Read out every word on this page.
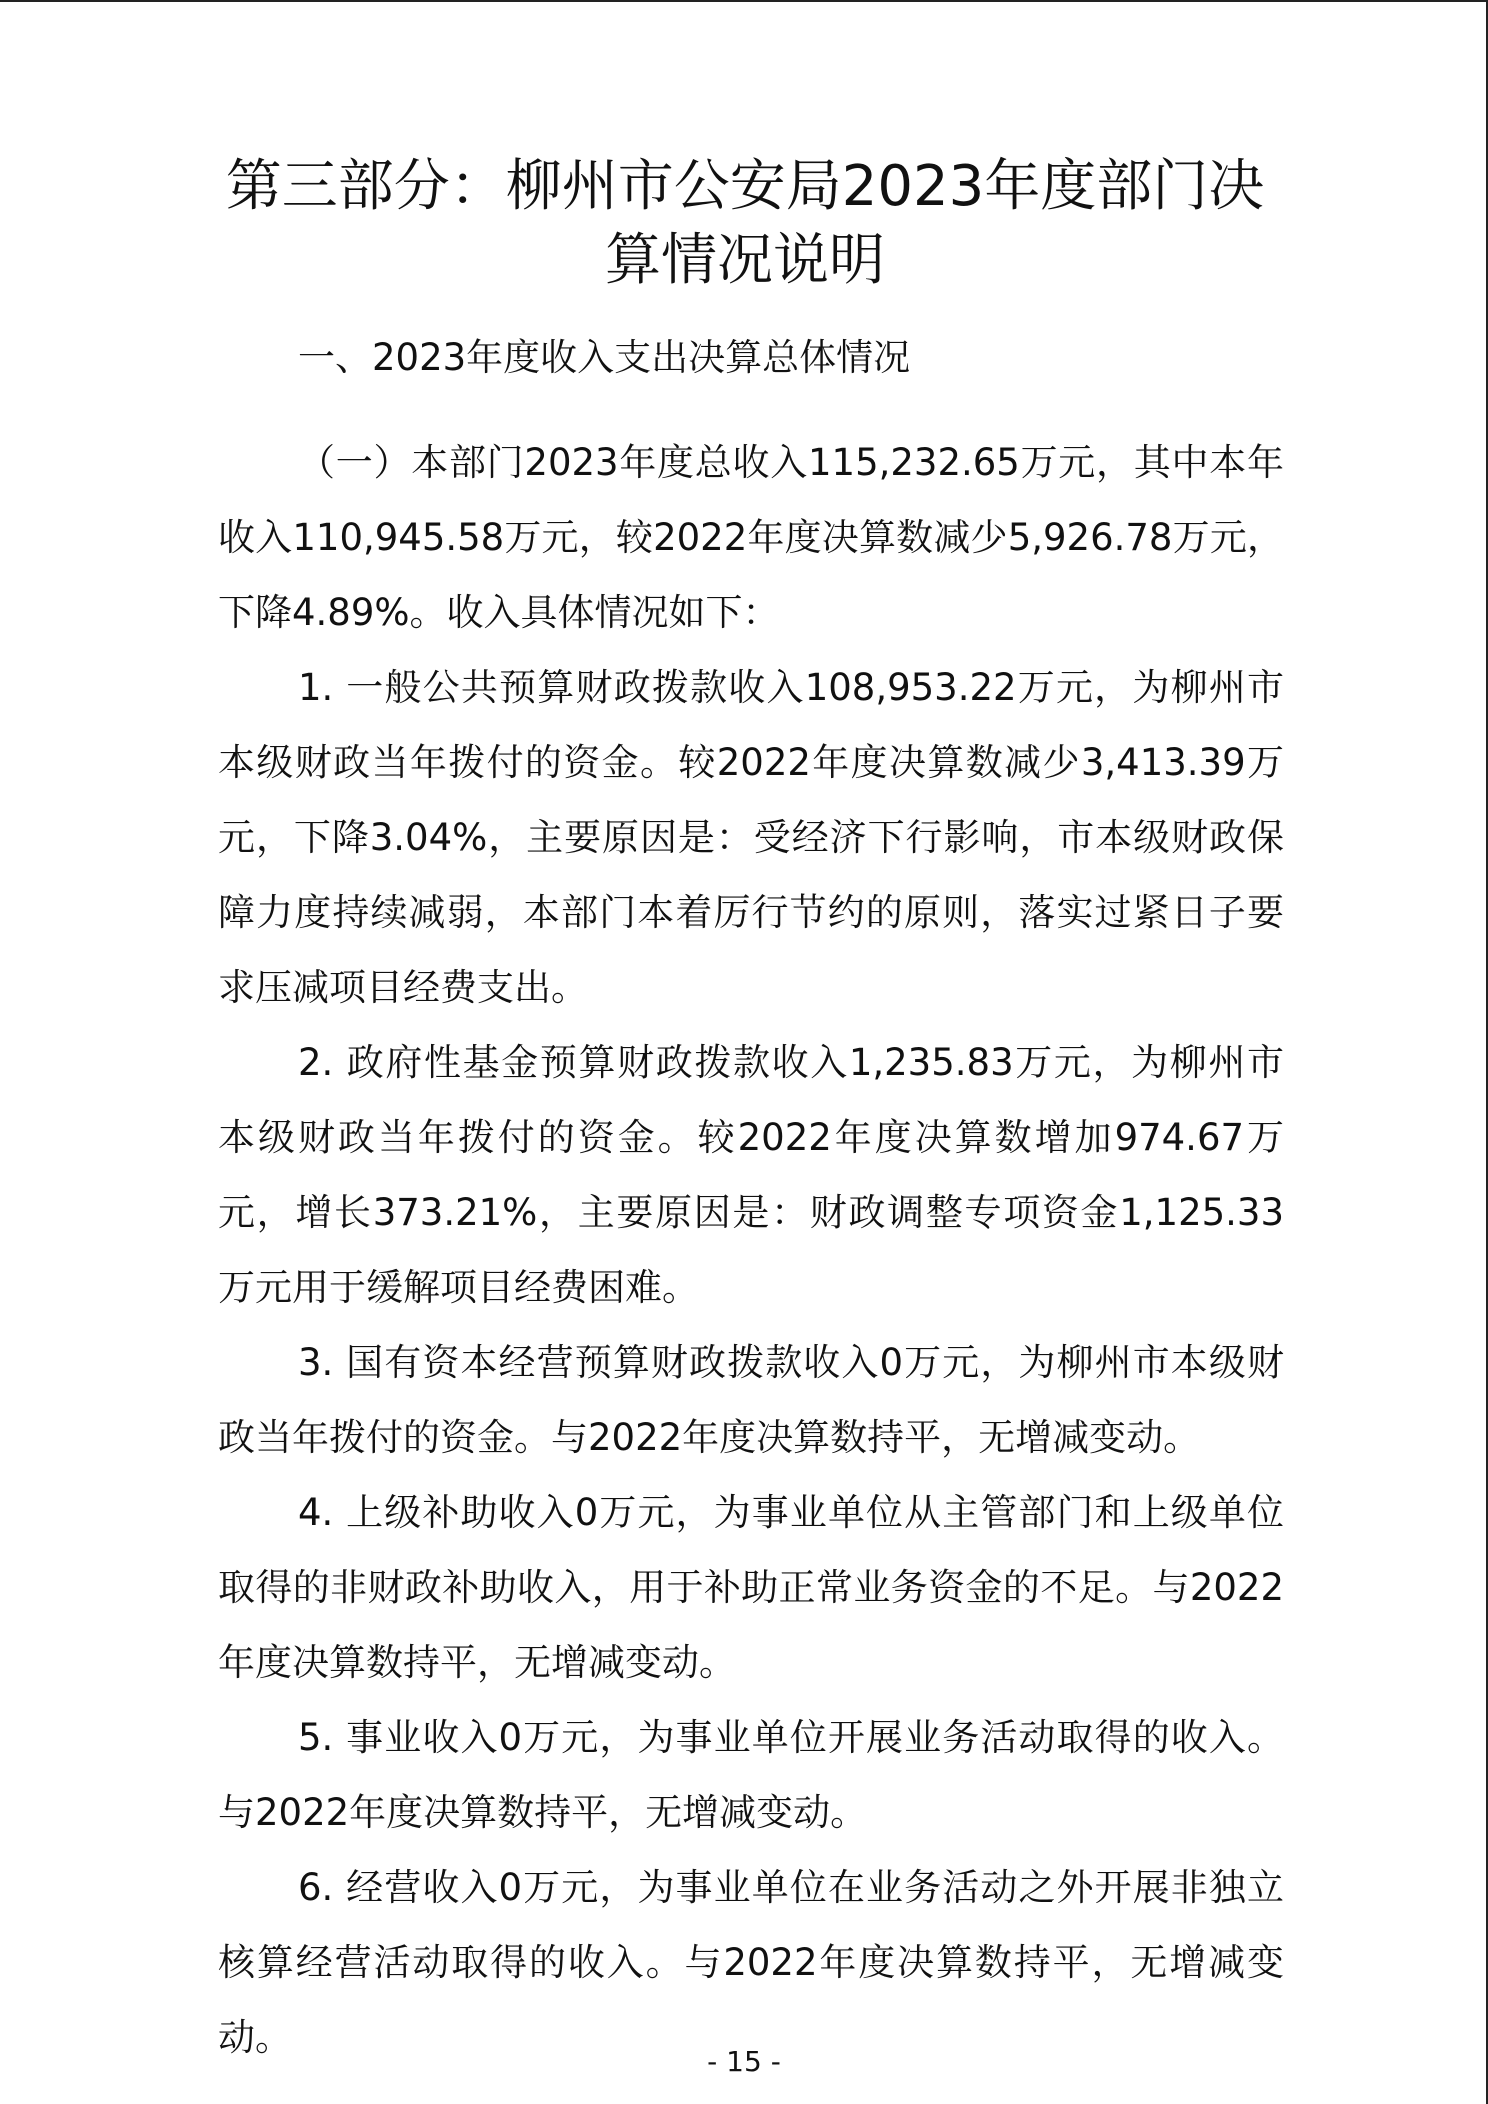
第三部分：柳州市公安局2023年度部门决算情况说明

一、2023年度收入支出决算总体情况

（一）本部门2023年度总收入115,232.65万元，其中本年收入110,945.58万元，较2022年度决算数减少5,926.78万元，下降4.89%。收入具体情况如下：

1. 一般公共预算财政拨款收入108,953.22万元，为柳州市本级财政当年拨付的资金。较2022年度决算数减少3,413.39万元，下降3.04%，主要原因是：受经济下行影响，市本级财政保障力度持续减弱，本部门本着厉行节约的原则，落实过紧日子要求压减项目经费支出。

2. 政府性基金预算财政拨款收入1,235.83万元，为柳州市本级财政当年拨付的资金。较2022年度决算数增加974.67万元，增长373.21%，主要原因是：财政调整专项资金1,125.33万元用于缓解项目经费困难。

3. 国有资本经营预算财政拨款收入0万元，为柳州市本级财政当年拨付的资金。与2022年度决算数持平，无增减变动。

4. 上级补助收入0万元，为事业单位从主管部门和上级单位取得的非财政补助收入，用于补助正常业务资金的不足。与2022年度决算数持平，无增减变动。

5. 事业收入0万元，为事业单位开展业务活动取得的收入。与2022年度决算数持平，无增减变动。

6. 经营收入0万元，为事业单位在业务活动之外开展非独立核算经营活动取得的收入。与2022年度决算数持平，无增减变动。

- 15 -
